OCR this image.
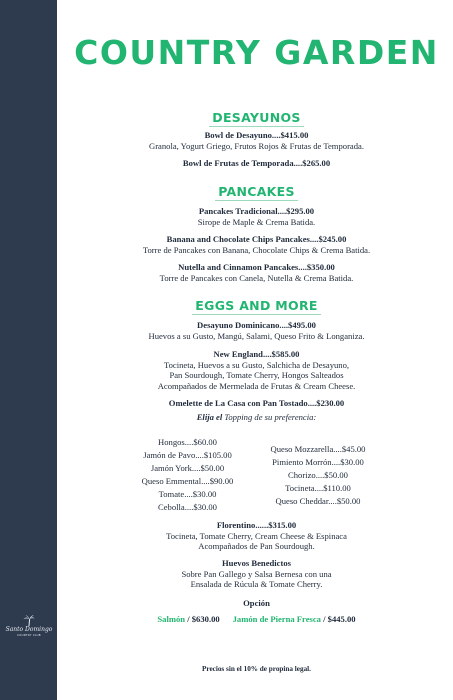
Santo Domingo
COUNTRY CLUB
COUNTRY GARDEN
DESAYUNOS
Bowl de Desayuno....$415.00
Granola, Yogurt Griego, Frutos Rojos & Frutas de Temporada.
Bowl de Frutas de Temporada....$265.00
PANCAKES
Pancakes Tradicional....$295.00
Sirope de Maple & Crema Batida.
Banana and Chocolate Chips Pancakes....$245.00
Torre de Pancakes con Banana, Chocolate Chips & Crema Batida.
Nutella and Cinnamon Pancakes....$350.00
Torre de Pancakes con Canela, Nutella & Crema Batida.
EGGS AND MORE
Desayuno Dominicano....$495.00
Huevos a su Gusto, Mangú, Salami, Queso Frito & Longaniza.
New England....$585.00
Tocineta, Huevos a su Gusto, Salchicha de Desayuno,
Pan Sourdough, Tomate Cherry, Hongos Salteados
Acompañados de Mermelada de Frutas & Cream Cheese.
Omelette de La Casa con Pan Tostado....$230.00
Elija el Topping de su preferencia:
Hongos....$60.00
Jamón de Pavo....$105.00
Jamón York....$50.00
Queso Emmental....$90.00
Tomate....$30.00
Cebolla....$30.00
Queso Mozzarella....$45.00
Pimiento Morrón....$30.00
Chorizo....$50.00
Tocineta....$110.00
Queso Cheddar....$50.00
Florentino......$315.00
Tocineta, Tomate Cherry, Cream Cheese & Espinaca
Acompañados de Pan Sourdough.
Huevos Benedictos
Sobre Pan Gallego y Salsa Bernesa con una
Ensalada de Rúcula & Tomate Cherry.
Opción
Salmón / $630.00 Jamón de Pierna Fresca / $445.00
Precios sin el 10% de propina legal.
